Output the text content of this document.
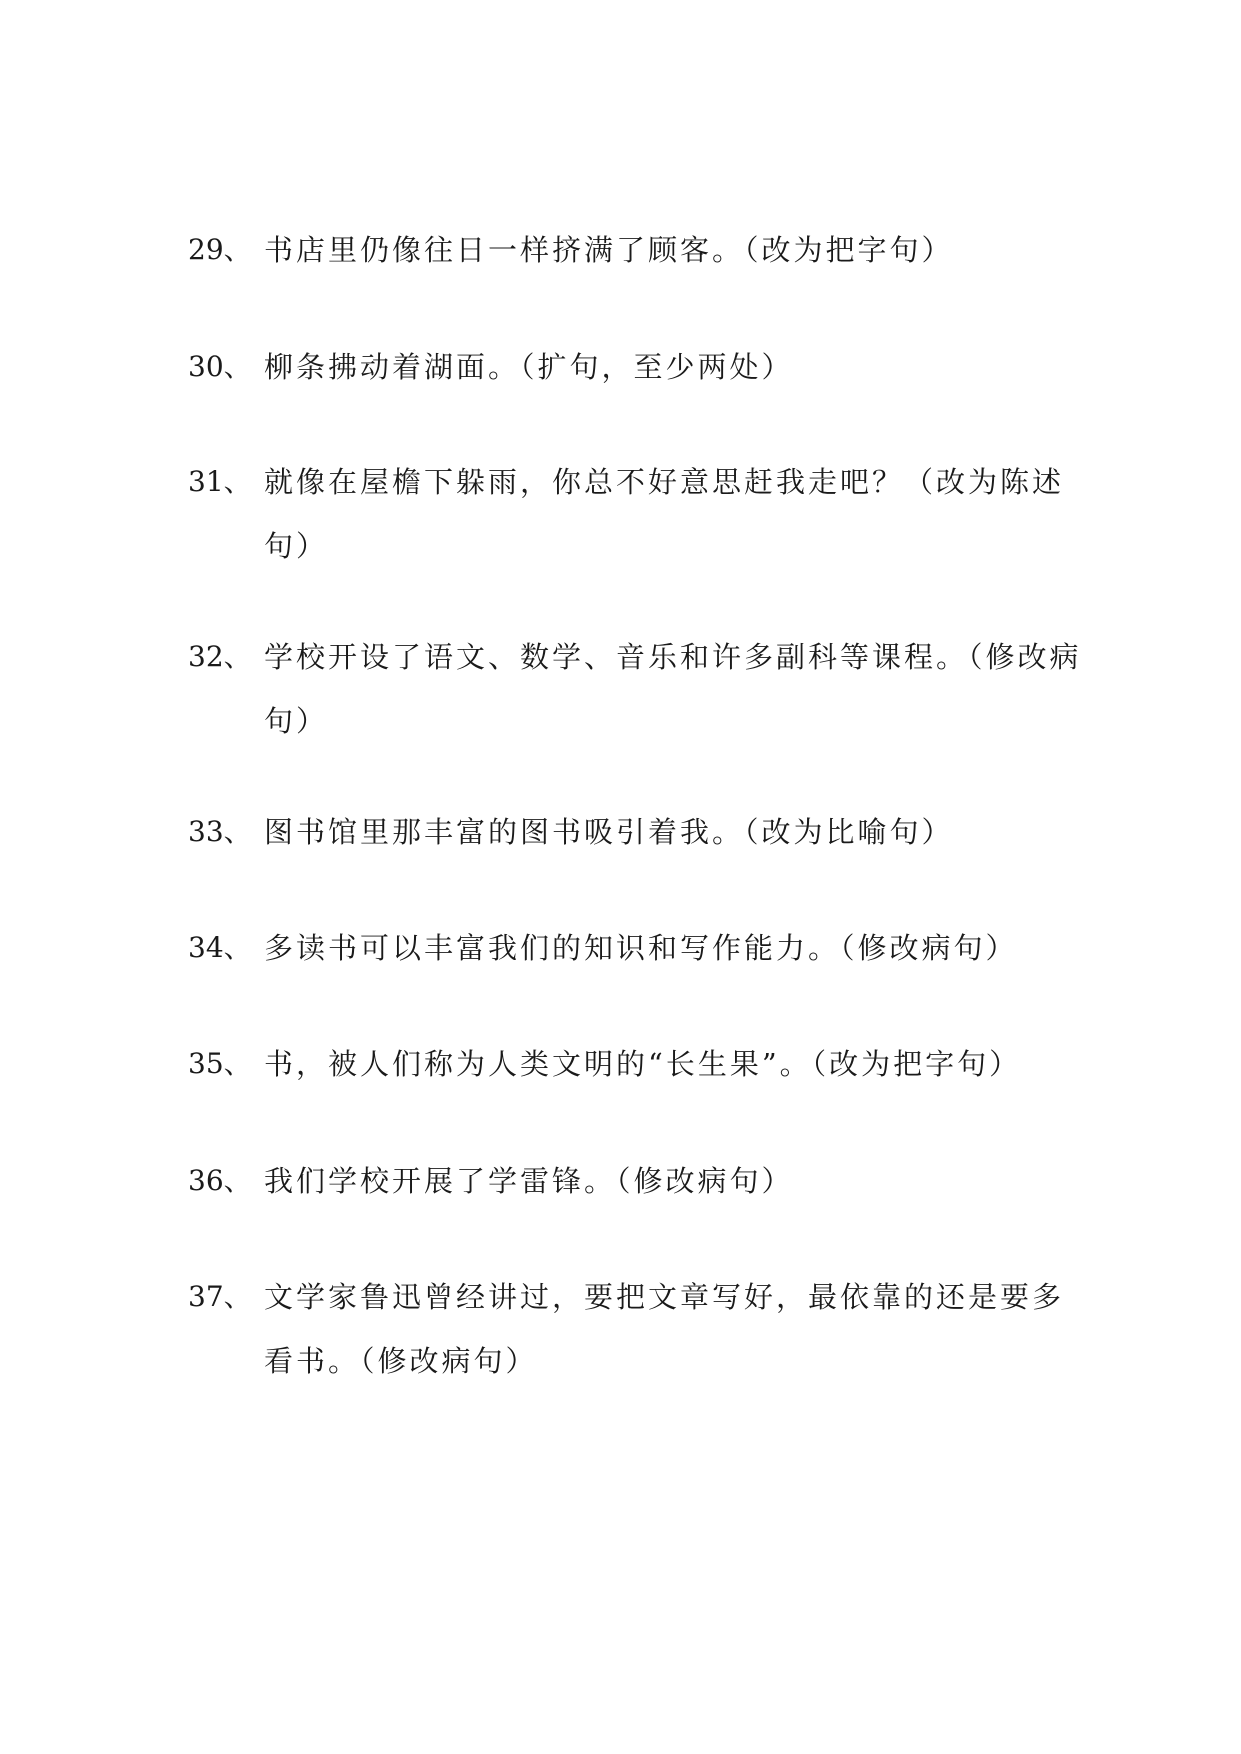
29、 书店里仍像往日一样挤满了顾客。（改为把字句）
30、 柳条拂动着湖面。（扩句，至少两处）
31、 就像在屋檐下躲雨，你总不好意思赶我走吧？（改为陈述
句）
32、 学校开设了语文、数学、音乐和许多副科等课程。（修改病
句）
33、 图书馆里那丰富的图书吸引着我。（改为比喻句）
34、 多读书可以丰富我们的知识和写作能力。（修改病句）
35、 书，被人们称为人类文明的“长生果”。（改为把字句）
36、 我们学校开展了学雷锋。（修改病句）
37、 文学家鲁迅曾经讲过，要把文章写好，最依靠的还是要多
看书。（修改病句）
